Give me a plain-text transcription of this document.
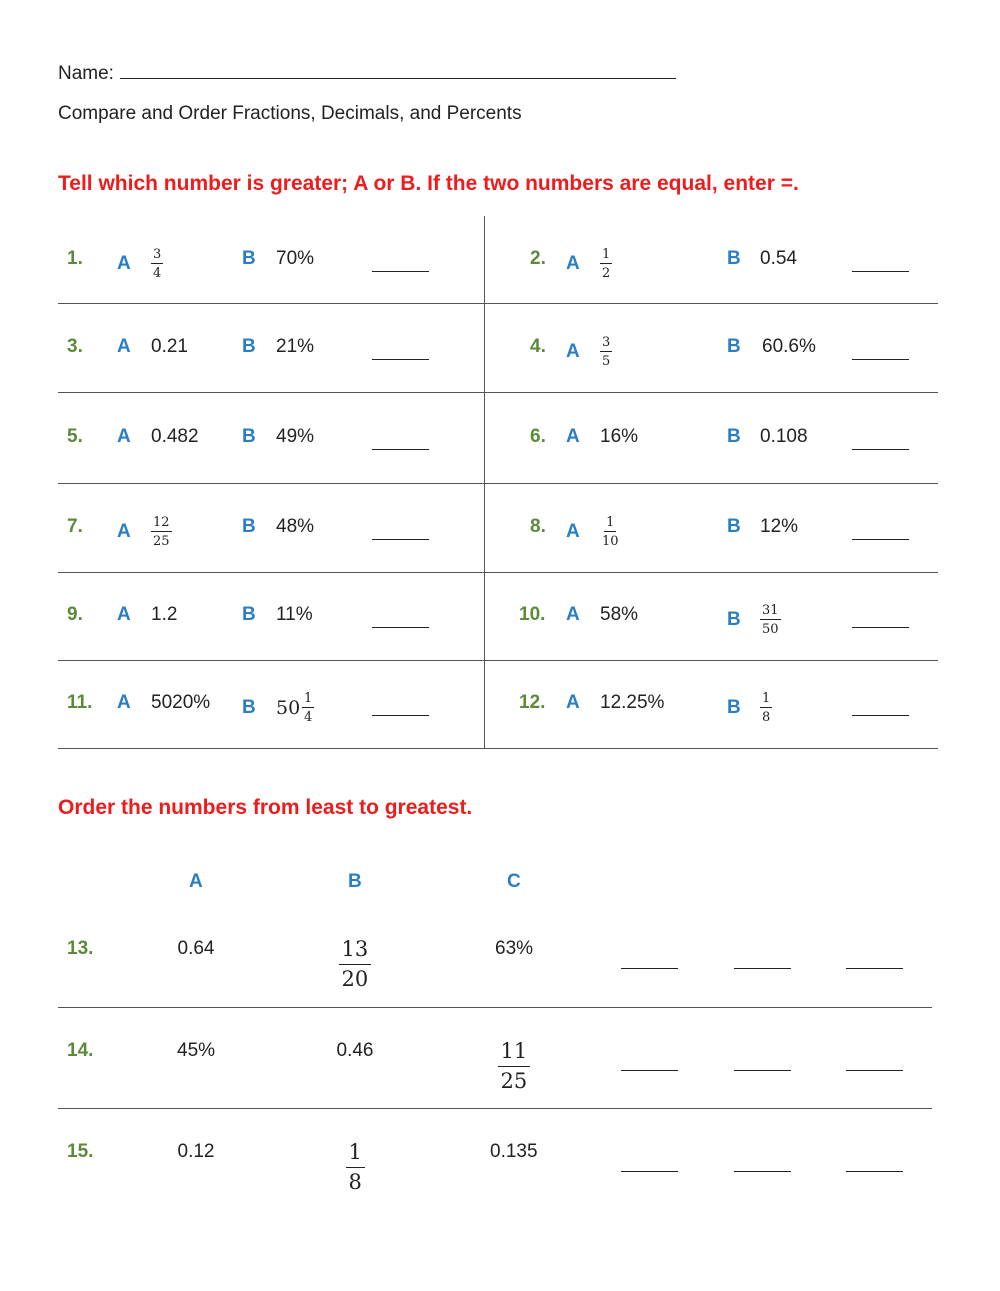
Name:
Compare and Order Fractions, Decimals, and Percents
Tell which number is greater; A or B. If the two numbers are equal, enter =.
Order the numbers from least to greatest.
1. A $\frac{3}{4}$	B 70%	2. A $\frac{1}{2}$	B 0.54
3. A 0.21	B 21%	4. A $\frac{3}{5}$	B 60.6%
5. A 0.482 B 49%	6. A 16%	B 0.108
7. A $\frac{12}{25}$	B 48%	8. A $\frac{1}{10}$	B 12%
9. A 1.2	B 11%	10. A 58%	B $\frac{31}{50}$
11. A 5020% B $50 \frac{1}{4}$	12. A 12.25%	B $\frac{1}{8}$
A	B	C
13.	0.64	$\frac{13}{20}$	63%
14.	45%	0.46	$\frac{11}{25}$
15.	0.12	$\frac{1}{8}$	0.135
